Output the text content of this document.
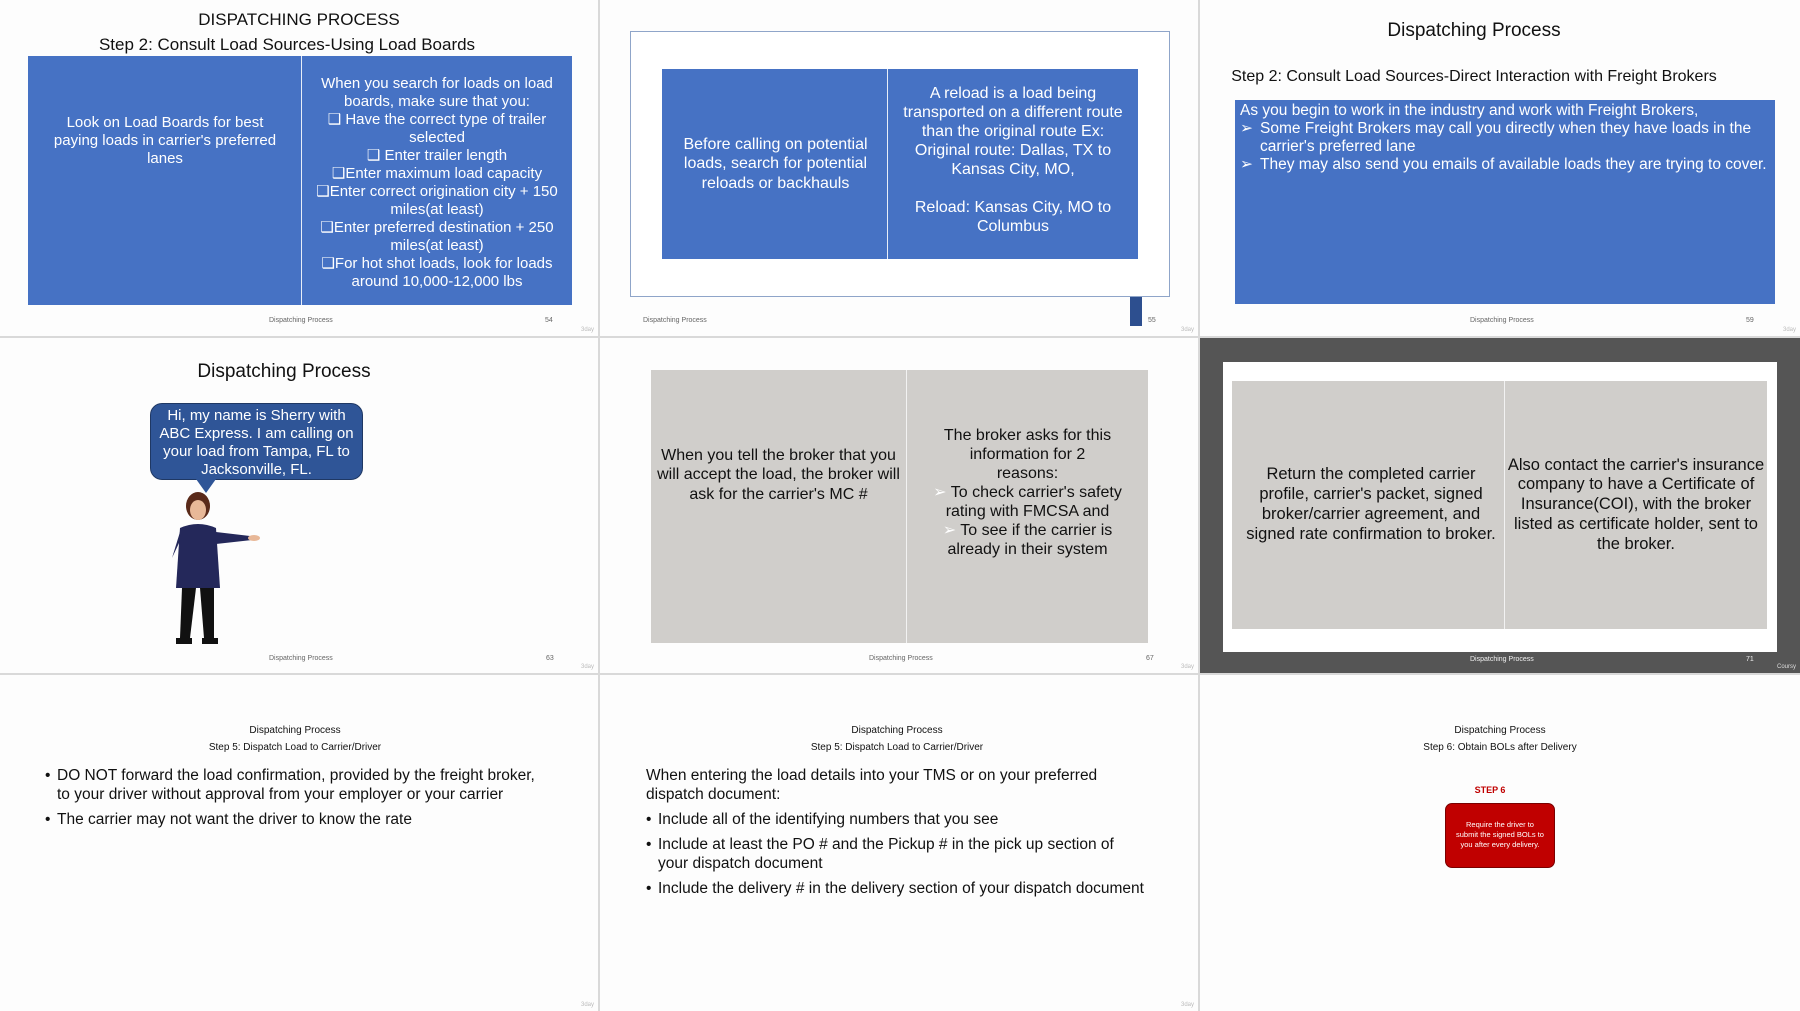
DISPATCHING PROCESS
Step 2: Consult Load Sources-Using Load Boards
Look on Load Boards for best paying loads in carrier's preferred lanes
When you search for loads on load boards, make sure that you:
❑ Have the correct type of trailer selected
❑ Enter trailer length
❑Enter maximum load capacity
❑Enter correct origination city + 150 miles(at least)
❑Enter preferred destination + 250 miles(at least)
❑For hot shot loads, look for loads around 10,000-12,000 lbs
Dispatching Process	54
3day
Before calling on potential loads, search for potential reloads or backhauls
A reload is a load being transported on a different route than the original route Ex: Original route: Dallas, TX to Kansas City, MO,
Reload: Kansas City, MO to Columbus
Dispatching Process	55
3day
Dispatching Process
Step 2: Consult Load Sources-Direct Interaction with Freight Brokers
As you begin to work in the industry and work with Freight Brokers,
➢ Some Freight Brokers may call you directly when they have loads in the carrier's preferred lane
➢ They may also send you emails of available loads they are trying to cover.
Dispatching Process	59
3day
Dispatching Process
Hi, my name is Sherry with ABC Express. I am calling on your load from Tampa, FL to Jacksonville, FL.
Dispatching Process	63
3day
When you tell the broker that you will accept the load, the broker will ask for the carrier's MC #
The broker asks for this information for 2 reasons:
➢ To check carrier's safety rating with FMCSA and
➢ To see if the carrier is already in their system
Dispatching Process	67
3day
Return the completed carrier profile, carrier's packet, signed broker/carrier agreement, and signed rate confirmation to broker.
Also contact the carrier's insurance company to have a Certificate of Insurance(COI), with the broker listed as certificate holder, sent to the broker.
Dispatching Process	71
Coursy
Dispatching Process
Step 5: Dispatch Load to Carrier/Driver
• DO NOT forward the load confirmation, provided by the freight broker, to your driver without approval from your employer or your carrier
• The carrier may not want the driver to know the rate
3day
Dispatching Process
Step 5: Dispatch Load to Carrier/Driver
When entering the load details into your TMS or on your preferred dispatch document:
• Include all of the identifying numbers that you see
• Include at least the PO # and the Pickup # in the pick up section of your dispatch document
• Include the delivery # in the delivery section of your dispatch document
3day
Dispatching Process
Step 6: Obtain BOLs after Delivery
STEP 6
Require the driver to submit the signed BOLs to you after every delivery.
